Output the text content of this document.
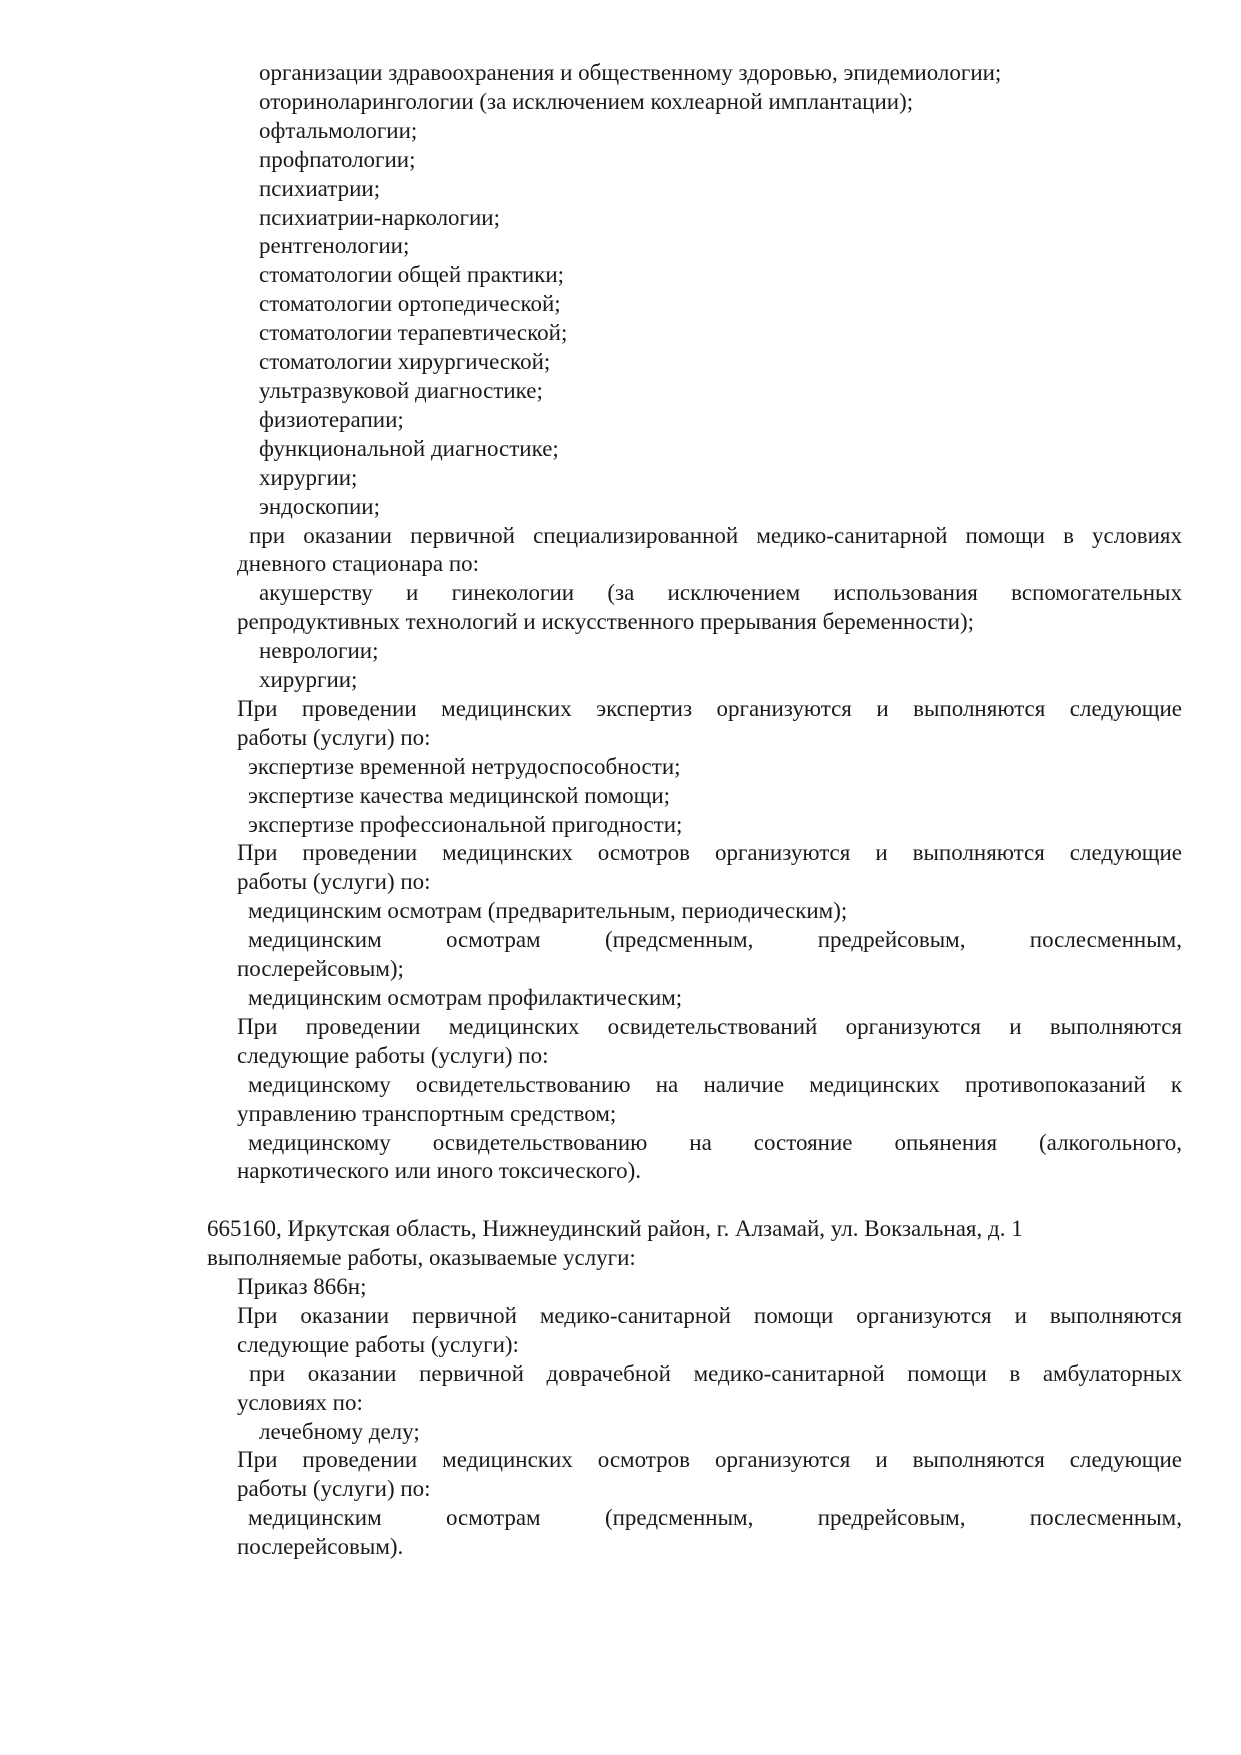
организации здравоохранения и общественному здоровью, эпидемиологии;
оториноларингологии (за исключением кохлеарной имплантации);
офтальмологии;
профпатологии;
психиатрии;
психиатрии-наркологии;
рентгенологии;
стоматологии общей практики;
стоматологии ортопедической;
стоматологии терапевтической;
стоматологии хирургической;
ультразвуковой диагностике;
физиотерапии;
функциональной диагностике;
хирургии;
эндоскопии;
при оказании первичной специализированной медико-санитарной помощи в условиях
дневного стационара по:
акушерству и гинекологии (за исключением использования вспомогательных
репродуктивных технологий и искусственного прерывания беременности);
неврологии;
хирургии;
При проведении медицинских экспертиз организуются и выполняются следующие
работы (услуги) по:
экспертизе временной нетрудоспособности;
экспертизе качества медицинской помощи;
экспертизе профессиональной пригодности;
При проведении медицинских осмотров организуются и выполняются следующие
работы (услуги) по:
медицинским осмотрам (предварительным, периодическим);
медицинским осмотрам (предсменным, предрейсовым, послесменным,
послерейсовым);
медицинским осмотрам профилактическим;
При проведении медицинских освидетельствований организуются и выполняются
следующие работы (услуги) по:
медицинскому освидетельствованию на наличие медицинских противопоказаний к
управлению транспортным средством;
медицинскому освидетельствованию на состояние опьянения (алкогольного,
наркотического или иного токсического).
665160, Иркутская область, Нижнеудинский район, г. Алзамай, ул. Вокзальная, д. 1
выполняемые работы, оказываемые услуги:
Приказ 866н;
При оказании первичной медико-санитарной помощи организуются и выполняются
следующие работы (услуги):
при оказании первичной доврачебной медико-санитарной помощи в амбулаторных
условиях по:
лечебному делу;
При проведении медицинских осмотров организуются и выполняются следующие
работы (услуги) по:
медицинским осмотрам (предсменным, предрейсовым, послесменным,
послерейсовым).
